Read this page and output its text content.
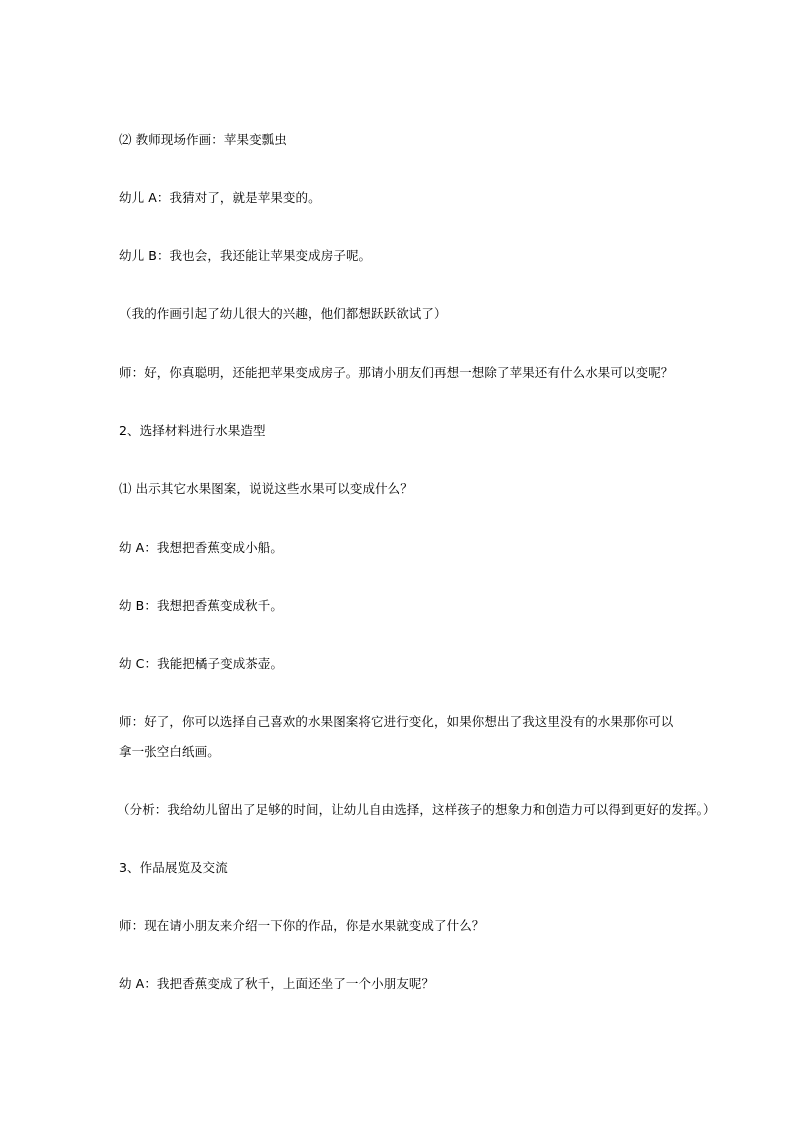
⑵ 教师现场作画：苹果变瓢虫
幼儿 A：我猜对了，就是苹果变的。
幼儿 B：我也会，我还能让苹果变成房子呢。
（我的作画引起了幼儿很大的兴趣，他们都想跃跃欲试了）
师：好，你真聪明，还能把苹果变成房子。那请小朋友们再想一想除了苹果还有什么水果可以变呢？
2、选择材料进行水果造型
⑴ 出示其它水果图案，说说这些水果可以变成什么？
幼 A：我想把香蕉变成小船。
幼 B：我想把香蕉变成秋千。
幼 C：我能把橘子变成茶壶。
师：好了，你可以选择自己喜欢的水果图案将它进行变化，如果你想出了我这里没有的水果那你可以拿一张空白纸画。
（分析：我给幼儿留出了足够的时间，让幼儿自由选择，这样孩子的想象力和创造力可以得到更好的发挥。）
3、作品展览及交流
师：现在请小朋友来介绍一下你的作品，你是水果就变成了什么？
幼 A：我把香蕉变成了秋千，上面还坐了一个小朋友呢？
